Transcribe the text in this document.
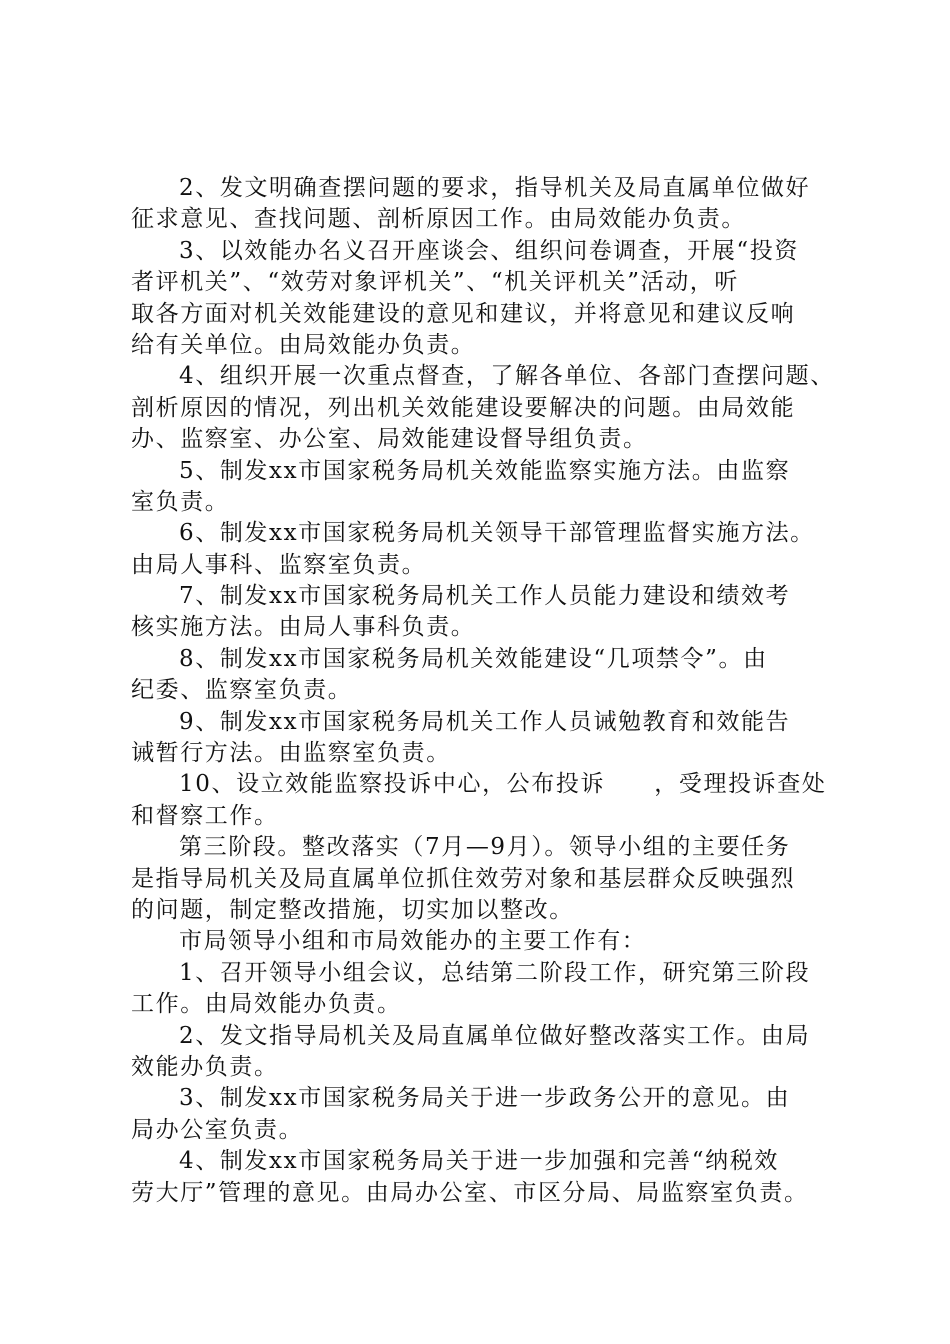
2、发文明确查摆问题的要求，指导机关及局直属单位做好
征求意见、查找问题、剖析原因工作。由局效能办负责。
3、以效能办名义召开座谈会、组织问卷调查，开展“投资
者评机关”、“效劳对象评机关”、“机关评机关”活动，听
取各方面对机关效能建设的意见和建议，并将意见和建议反响
给有关单位。由局效能办负责。
4、组织开展一次重点督查，了解各单位、各部门查摆问题、
剖析原因的情况，列出机关效能建设要解决的问题。由局效能
办、监察室、办公室、局效能建设督导组负责。
5、制发xx市国家税务局机关效能监察实施方法。由监察
室负责。
6、制发xx市国家税务局机关领导干部管理监督实施方法。
由局人事科、监察室负责。
7、制发xx市国家税务局机关工作人员能力建设和绩效考
核实施方法。由局人事科负责。
8、制发xx市国家税务局机关效能建设“几项禁令”。由
纪委、监察室负责。
9、制发xx市国家税务局机关工作人员诫勉教育和效能告
诫暂行方法。由监察室负责。
10、设立效能监察投诉中心，公布投诉　　，受理投诉查处
和督察工作。
第三阶段。整改落实（7月—9月）。领导小组的主要任务
是指导局机关及局直属单位抓住效劳对象和基层群众反映强烈
的问题，制定整改措施，切实加以整改。
市局领导小组和市局效能办的主要工作有：
1、召开领导小组会议，总结第二阶段工作，研究第三阶段
工作。由局效能办负责。
2、发文指导局机关及局直属单位做好整改落实工作。由局
效能办负责。
3、制发xx市国家税务局关于进一步政务公开的意见。由
局办公室负责。
4、制发xx市国家税务局关于进一步加强和完善“纳税效
劳大厅”管理的意见。由局办公室、市区分局、局监察室负责。
